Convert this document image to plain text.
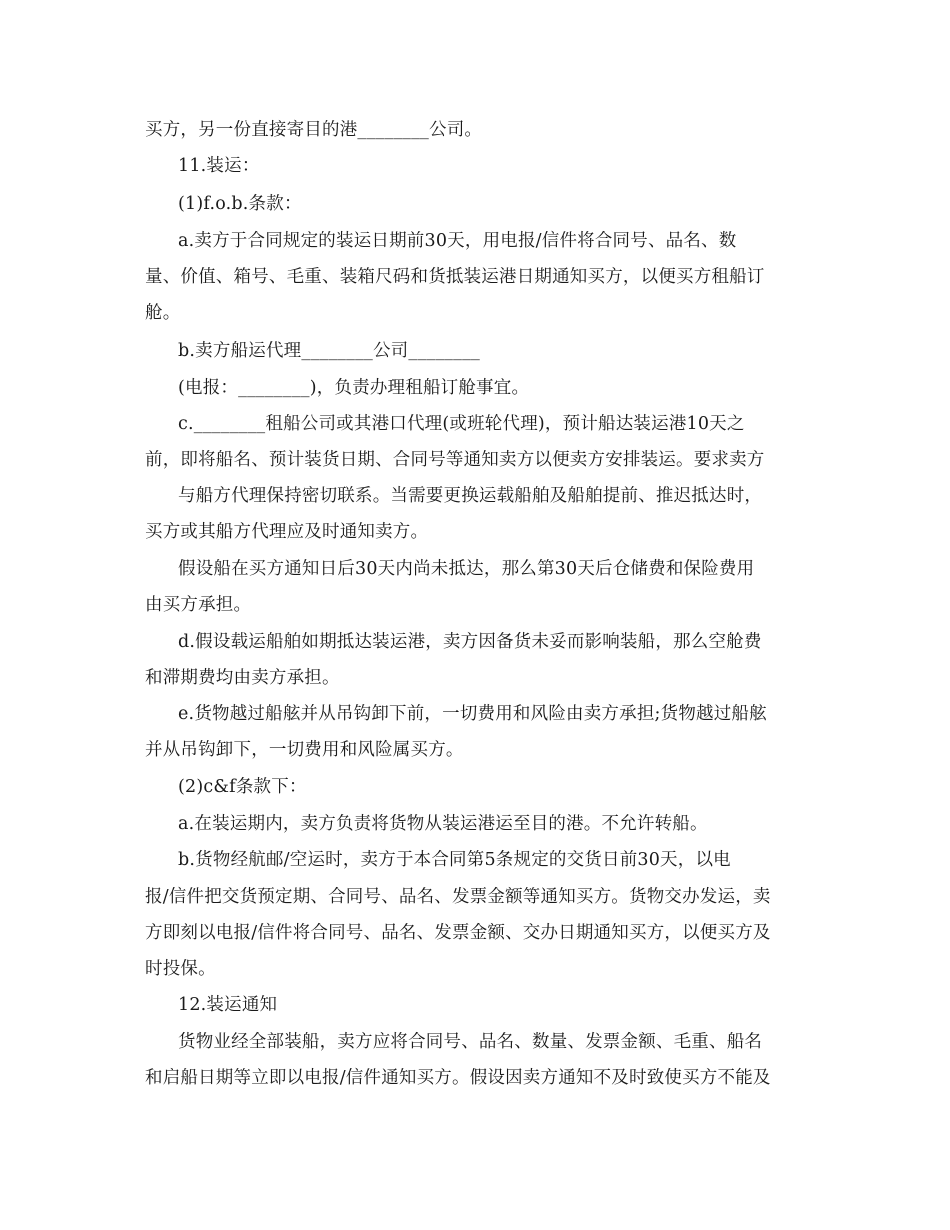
买方，另一份直接寄目的港________公司。
11.装运：
(1)f.o.b.条款：
a.卖方于合同规定的装运日期前30天，用电报/信件将合同号、品名、数
量、价值、箱号、毛重、装箱尺码和货抵装运港日期通知买方，以便买方租船订
舱。
b.卖方船运代理________公司________
(电报：________)，负责办理租船订舱事宜。
c.________租船公司或其港口代理(或班轮代理)，预计船达装运港10天之
前，即将船名、预计装货日期、合同号等通知卖方以便卖方安排装运。要求卖方
与船方代理保持密切联系。当需要更换运载船舶及船舶提前、推迟抵达时，
买方或其船方代理应及时通知卖方。
假设船在买方通知日后30天内尚未抵达，那么第30天后仓储费和保险费用
由买方承担。
d.假设载运船舶如期抵达装运港，卖方因备货未妥而影响装船，那么空舱费
和滞期费均由卖方承担。
e.货物越过船舷并从吊钩卸下前，一切费用和风险由卖方承担;货物越过船舷
并从吊钩卸下，一切费用和风险属买方。
(2)c&f条款下：
a.在装运期内，卖方负责将货物从装运港运至目的港。不允许转船。
b.货物经航邮/空运时，卖方于本合同第5条规定的交货日前30天，以电
报/信件把交货预定期、合同号、品名、发票金额等通知买方。货物交办发运，卖
方即刻以电报/信件将合同号、品名、发票金额、交办日期通知买方，以便买方及
时投保。
12.装运通知
货物业经全部装船，卖方应将合同号、品名、数量、发票金额、毛重、船名
和启船日期等立即以电报/信件通知买方。假设因卖方通知不及时致使买方不能及
